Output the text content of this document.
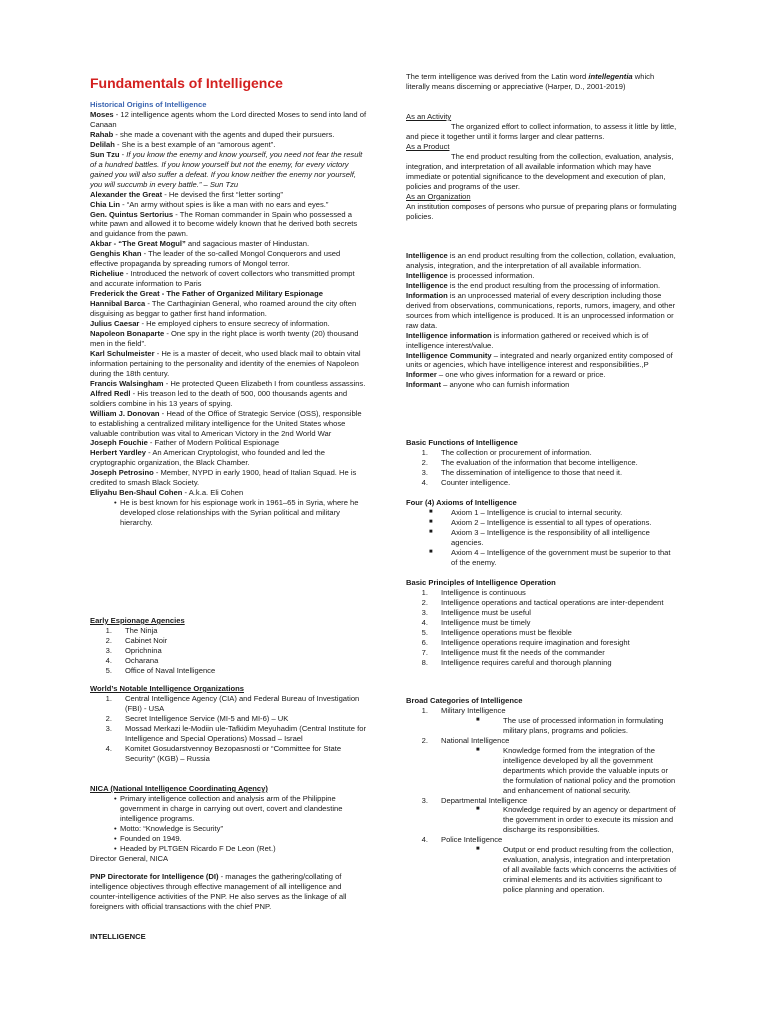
Fundamentals of Intelligence
Historical Origins of Intelligence

Moses - 12 intelligence agents whom the Lord directed Moses to send into land of Canaan

Rahab - she made a covenant with the agents and duped their pursuers.

Delilah - She is a best example of an “amorous agent”.

Sun Tzu - If you know the enemy and know yourself, you need not fear the result of a hundred battles. If you know yourself but not the enemy, for every victory gained you will also suffer a defeat. If you know neither the enemy nor yourself, you will succumb in every battle.” – Sun Tzu

Alexander the Great - He devised the first “letter sorting”

Chia Lin - “An army without spies is like a man with no ears and eyes.”

Gen. Quintus Sertorius - The Roman commander in Spain who possessed a white pawn and allowed it to become widely known that he derived both secrets and guidance from the pawn.

Akbar - “The Great Mogul” and sagacious master of Hindustan.

Genghis Khan - The leader of the so-called Mongol Conquerors and used effective propaganda by spreading rumors of Mongol terror.

Richeliue - Introduced the network of covert collectors who transmitted prompt and accurate information to Paris

Frederick the Great - The Father of Organized Military Espionage

Hannibal Barca - The Carthaginian General, who roamed around the city often disguising as beggar to gather first hand information.

Julius Caesar - He employed ciphers to ensure secrecy of information.

Napoleon Bonaparte - One spy in the right place is worth twenty (20) thousand men in the field”.

Karl Schulmeister - He is a master of deceit, who used black mail to obtain vital information pertaining to the personality and identity of the enemies of Napoleon during the 18th century.

Francis Walsingham - He protected Queen Elizabeth I from countless assassins.

Alfred Redl - His treason led to the death of 500, 000 thousands agents and soldiers combine in his 13 years of spying.

William J. Donovan - Head of the Office of Strategic Service (OSS), responsible to establishing a centralized military intelligence for the United States whose valuable contribution was vital to American Victory in the 2nd World War

Joseph Fouchie - Father of Modern Political Espionage

Herbert Yardley - An American Cryptologist, who founded and led the cryptographic organization, the Black Chamber.

Joseph Petrosino - Member, NYPD in early 1900, head of Italian Squad. He is credited to smash Black Society.

Eliyahu Ben-Shaul Cohen - A.k.a. Eli Cohen

• He is best known for his espionage work in 1961–65 in Syria, where he developed close relationships with the Syrian political and military hierarchy.

Early Espionage Agencies

1.	The Ninja
2.	Cabinet Noir
3.	Oprichnina
4.	Ocharana
5.	Office of Naval Intelligence

World’s Notable Intelligence Organizations

1.	Central Intelligence Agency (CIA) and Federal Bureau of Investigation (FBI) - USA
2.	Secret Intelligence Service (MI-5 and MI-6) – UK
3.	Mossad Merkazi le-Modiin ule-Tafkidim Meyuhadim (Central Institute for Intelligence and Special Operations) Mossad – Israel
4.	Komitet Gosudarstvennoy Bezopasnosti or “Committee for State Security” (KGB) – Russia

NICA (National Intelligence Coordinating Agency)

• Primary intelligence collection and analysis arm of the Philippine government in charge in carrying out overt, covert and clandestine intelligence programs.
• Motto: “Knowledge is Security”
• Founded on 1949.
• Headed by PLTGEN Ricardo F De Leon (Ret.)

Director General, NICA

PNP Directorate for Intelligence (DI) - manages the gathering/collating of intelligence objectives through effective management of all intelligence and counter-intelligence activities of the PNP. He also serves as the linkage of all foreigners with official transactions with the chief PNP.

INTELLIGENCE

The term intelligence was derived from the Latin word intellegentia which literally means discerning or appreciative (Harper, D., 2001-2019)

As an Activity

The organized effort to collect information, to assess it little by little, and piece it together until it forms larger and clear patterns.

As a Product

The end product resulting from the collection, evaluation, analysis, integration, and interpretation of all available information which may have immediate or potential significance to the development and execution of plan, policies and programs of the user.

As an Organization

An institution composes of persons who pursue of preparing plans or formulating policies.

Intelligence is an end product resulting from the collection, collation, evaluation, analysis, integration, and the interpretation of all available information.

Intelligence is processed information.

Intelligence is the end product resulting from the processing of information.

Information is an unprocessed material of every description including those derived from observations, communications, reports, rumors, imagery, and other sources from which intelligence is produced. It is an unprocessed information or raw data.

Intelligence information is information gathered or received which is of intelligence interest/value.

Intelligence Community – integrated and nearly organized entity composed of units or agencies, which have intelligence interest and responsibilities.,P

Informer – one who gives information for a reward or price.

Informant – anyone who can furnish information

Basic Functions of Intelligence

1.	The collection or procurement of information.
2.	The evaluation of the information that become intelligence.
3.	The dissemination of intelligence to those that need it.
4.	Counter intelligence.

Four (4) Axioms of Intelligence

■	Axiom 1 – Intelligence is crucial to internal security.
■	Axiom 2 – Intelligence is essential to all types of operations.
■	Axiom 3 – Intelligence is the responsibility of all intelligence agencies.
■	Axiom 4 – Intelligence of the government must be superior to that of the enemy.

Basic Principles of Intelligence Operation

1.	Intelligence is continuous
2.	Intelligence operations and tactical operations are inter-dependent
3.	Intelligence must be useful
4.	Intelligence must be timely
5.	Intelligence operations must be flexible
6.	Intelligence operations require imagination and foresight
7.	Intelligence must fit the needs of the commander
8.	Intelligence requires careful and thorough planning

Broad Categories of Intelligence

1.	Military Intelligence
■	The use of processed information in formulating military plans, programs and policies.
2.	National Intelligence
■	Knowledge formed from the integration of the intelligence developed by all the government departments which provide the valuable inputs or the formulation of national policy and the promotion and enhancement of national security.
3.	Departmental Intelligence
■	Knowledge required by an agency or department of the government in order to execute its mission and discharge its responsibilities.
4.	Police Intelligence
■	Output or end product resulting from the collection, evaluation, analysis, integration and interpretation of all available facts which concerns the activities of criminal elements and its activities significant to police planning and operation.
